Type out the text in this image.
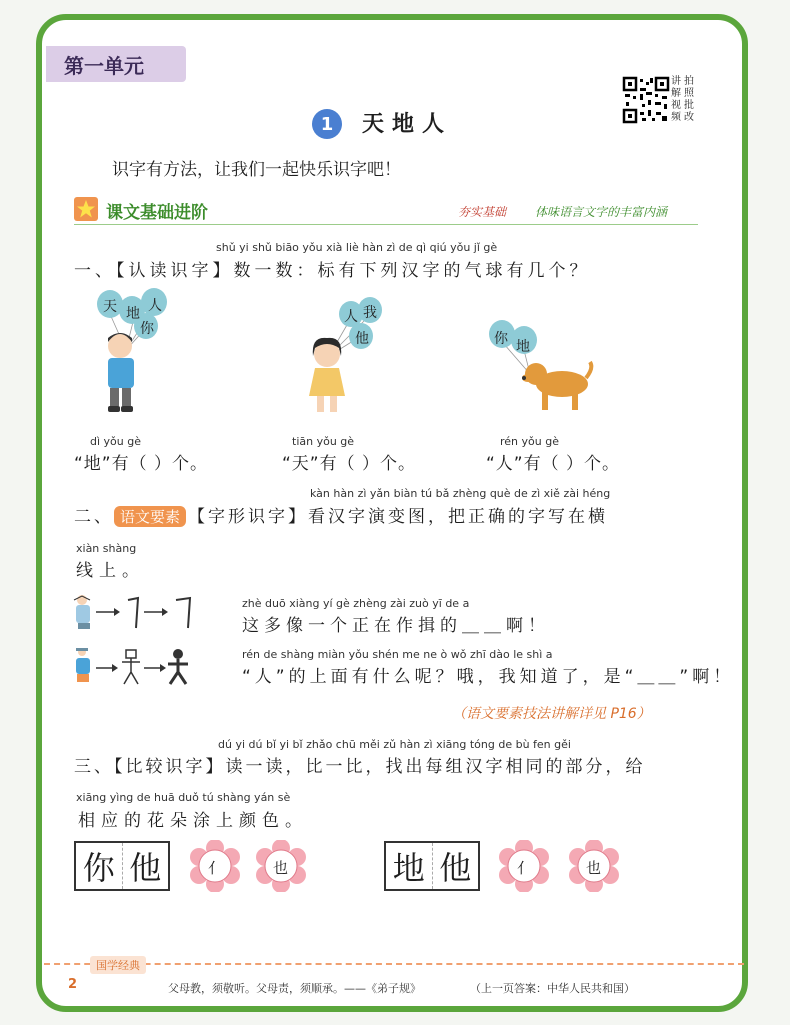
第一单元
讲
解
视
频
拍
照
批
改
1	天地人
识字有方法，让我们一起快乐识字吧！
课文基础进阶	夯实基础 体味语言文字的丰富内涵
shǔ yi shǔ biāo yǒu xià liè hàn zì de qì qiú yǒu jǐ gè
一、【认读识字】数一数：标有下列汉字的气球有几个？
天 地 人
你
人 我
他	你 地
dì yǒu gè
“地”有（ ）个。
tiān yǒu gè
“天”有（ ）个。
rén yǒu gè
“人”有（ ）个。
kàn hàn zì yǎn biàn tú bǎ zhèng què de zì xiě zài héng
二、 语文要素 【字形识字】看汉字演变图，把正确的字写在横
xiàn shàng
线上。
zhè duō xiàng yí gè zhèng zài zuò yī de a
这多像一个正在作揖的＿＿啊！
rén de shàng miàn yǒu shén me ne ò wǒ zhī dào le shì a
“人”的上面有什么呢？哦，我知道了，是“＿＿”啊！
（语文要素技法讲解详见 P16）
dú yi dú bǐ yi bǐ zhǎo chū měi zǔ hàn zì xiāng tóng de bù fen gěi
三、【比较识字】读一读，比一比，找出每组汉字相同的部分，给
xiāng yìng de huā duǒ tú shàng yán sè
相应的花朵涂上颜色。
你 他	亻	也	地 他	亻	也
国学经典
2	父母教，须敬听。父母责，须顺承。——《弟子规》	（上一页答案：中华人民共和国）
